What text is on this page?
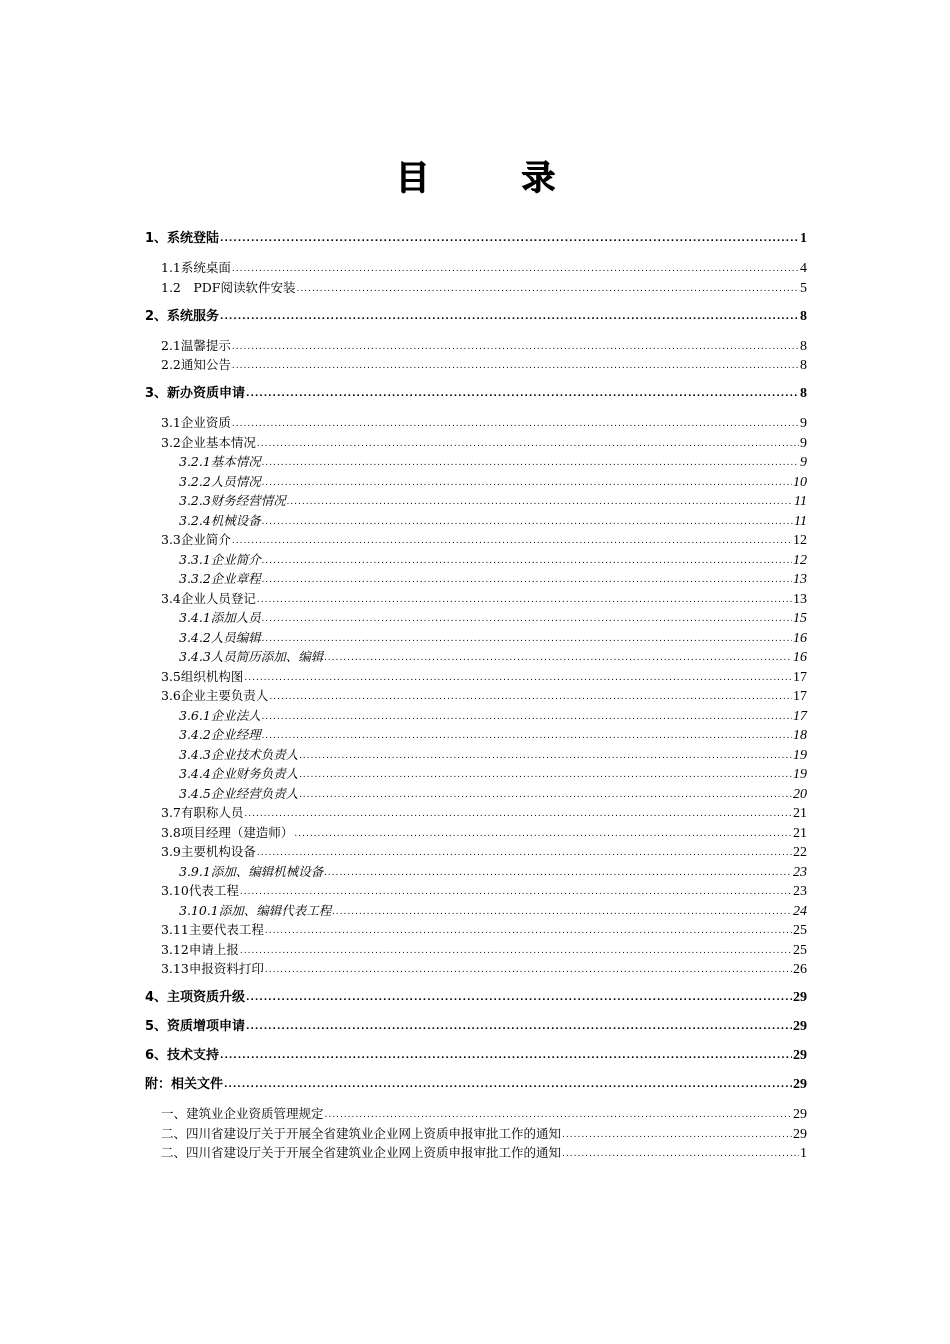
目 录
1、系统登陆 .....	1
1.1系统桌面 .....	4
1.2　PDF阅读软件安装 .....	5
2、系统服务 .....	8
2.1温馨提示 .....	8
2.2通知公告 .....	8
3、新办资质申请 .....	8
3.1企业资质 .....	9
3.2企业基本情况 .....	9
3.2.1基本情况 .....	9
3.2.2人员情况 .....	10
3.2.3财务经营情况 .....	11
3.2.4机械设备 .....	11
3.3企业简介 .....	12
3.3.1企业简介 .....	12
3.3.2企业章程 .....	13
3.4企业人员登记 .....	13
3.4.1添加人员 .....	15
3.4.2人员编辑 .....	16
3.4.3人员简历添加、编辑 .....	16
3.5组织机构图 .....	17
3.6企业主要负责人 .....	17
3.6.1企业法人 .....	17
3.4.2企业经理 .....	18
3.4.3企业技术负责人 .....	19
3.4.4企业财务负责人 .....	19
3.4.5企业经营负责人 .....	20
3.7有职称人员 .....	21
3.8项目经理（建造师） .....	21
3.9主要机构设备 .....	22
3.9.1添加、编辑机械设备 .....	23
3.10代表工程 .....	23
3.10.1添加、编辑代表工程 .....	24
3.11主要代表工程 .....	25
3.12申请上报 .....	25
3.13申报资料打印 .....	26
4、主项资质升级 .....	29
5、资质增项申请 .....	29
6、技术支持 .....	29
附：相关文件 .....	29
一、建筑业企业资质管理规定 .....	29
二、四川省建设厅关于开展全省建筑业企业网上资质申报审批工作的通知 .....	29
二、四川省建设厅关于开展全省建筑业企业网上资质申报审批工作的通知 .....	1
